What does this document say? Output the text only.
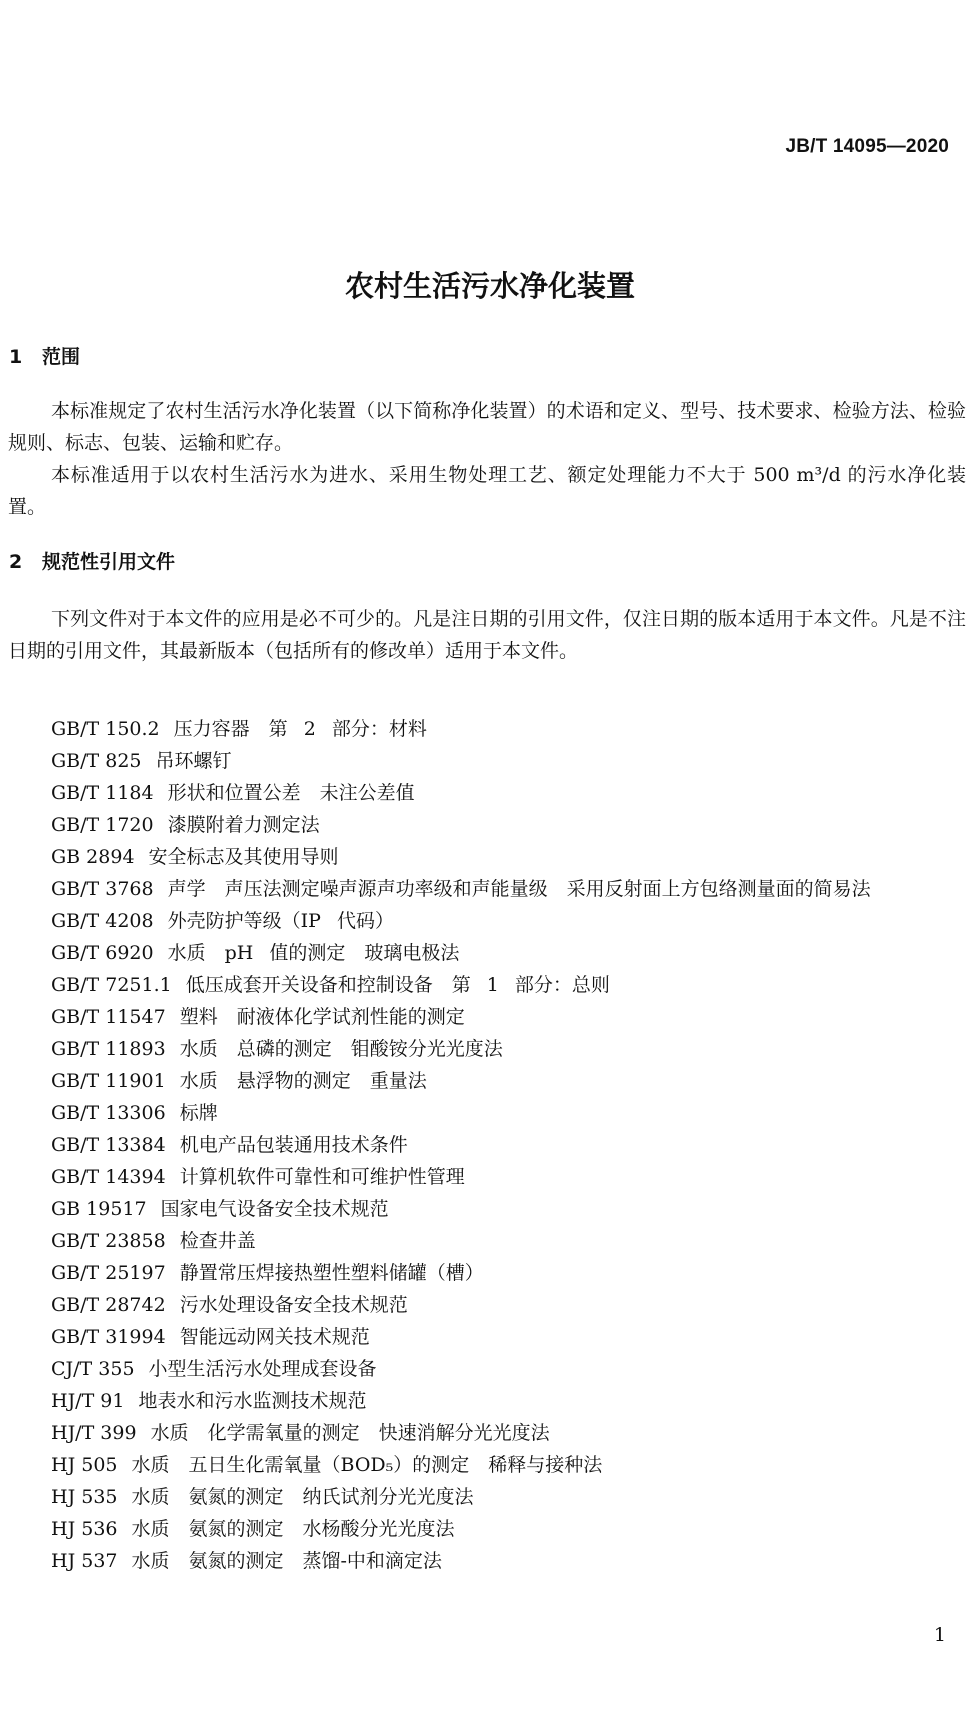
JB/T 14095—2020
农村生活污水净化装置
1 范围

本标准规定了农村生活污水净化装置（以下简称净化装置）的术语和定义、型号、技术要求、检验方法、检验规则、标志、包装、运输和贮存。

本标准适用于以农村生活污水为进水、采用生物处理工艺、额定处理能力不大于 500 m³/d 的污水净化装置。

2 规范性引用文件

下列文件对于本文件的应用是必不可少的。凡是注日期的引用文件，仅注日期的版本适用于本文件。凡是不注日期的引用文件，其最新版本（包括所有的修改单）适用于本文件。

GB/T 150.2 压力容器　第 2 部分：材料
GB/T 825 吊环螺钉
GB/T 1184 形状和位置公差　未注公差值
GB/T 1720 漆膜附着力测定法
GB 2894 安全标志及其使用导则
GB/T 3768 声学　声压法测定噪声源声功率级和声能量级　采用反射面上方包络测量面的简易法
GB/T 4208 外壳防护等级（IP 代码）
GB/T 6920 水质　pH 值的测定　玻璃电极法
GB/T 7251.1 低压成套开关设备和控制设备　第 1 部分：总则
GB/T 11547 塑料　耐液体化学试剂性能的测定
GB/T 11893 水质　总磷的测定　钼酸铵分光光度法
GB/T 11901 水质　悬浮物的测定　重量法
GB/T 13306 标牌
GB/T 13384 机电产品包装通用技术条件
GB/T 14394 计算机软件可靠性和可维护性管理
GB 19517 国家电气设备安全技术规范
GB/T 23858 检查井盖
GB/T 25197 静置常压焊接热塑性塑料储罐（槽）
GB/T 28742 污水处理设备安全技术规范
GB/T 31994 智能远动网关技术规范
CJ/T 355 小型生活污水处理成套设备
HJ/T 91 地表水和污水监测技术规范
HJ/T 399 水质　化学需氧量的测定　快速消解分光光度法
HJ 505 水质　五日生化需氧量（BOD₅）的测定　稀释与接种法
HJ 535 水质　氨氮的测定　纳氏试剂分光光度法
HJ 536 水质　氨氮的测定　水杨酸分光光度法
HJ 537 水质　氨氮的测定　蒸馏-中和滴定法
1
